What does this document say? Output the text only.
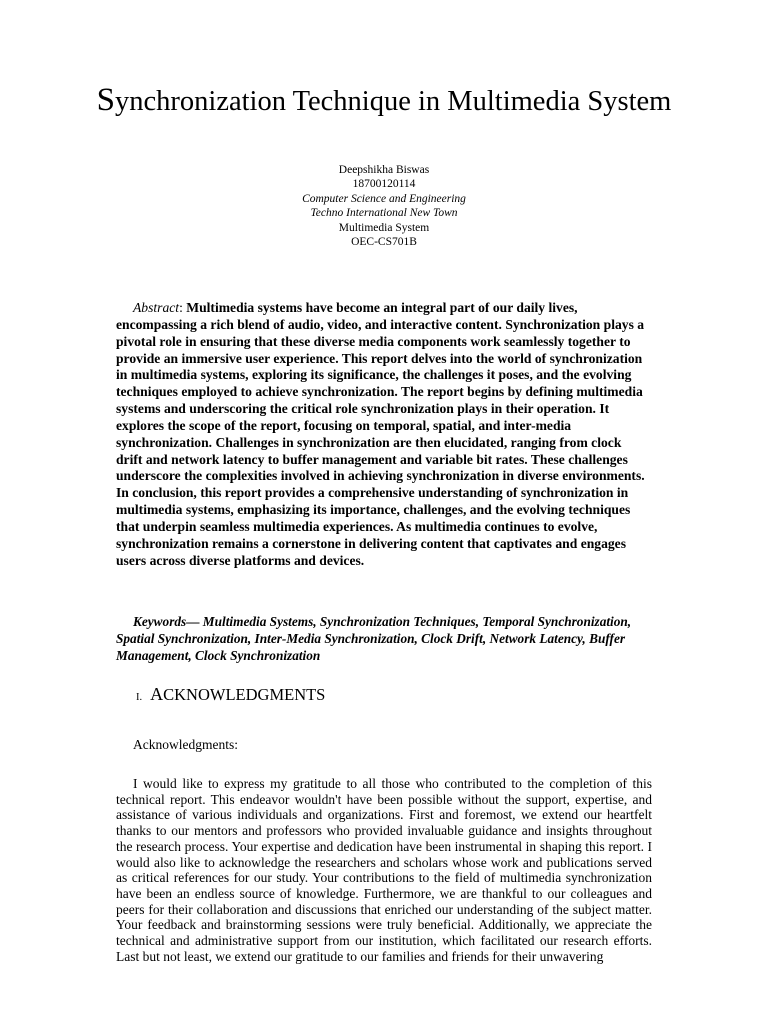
Synchronization Technique in Multimedia System
Deepshikha Biswas
18700120114
Computer Science and Engineering
Techno International New Town
Multimedia System
OEC-CS701B

Abstract: Multimedia systems have become an integral part of our daily lives, encompassing a rich blend of audio, video, and interactive content. Synchronization plays a pivotal role in ensuring that these diverse media components work seamlessly together to provide an immersive user experience. This report delves into the world of synchronization in multimedia systems, exploring its significance, the challenges it poses, and the evolving techniques employed to achieve synchronization. The report begins by defining multimedia systems and underscoring the critical role synchronization plays in their operation. It explores the scope of the report, focusing on temporal, spatial, and inter-media synchronization. Challenges in synchronization are then elucidated, ranging from clock drift and network latency to buffer management and variable bit rates. These challenges underscore the complexities involved in achieving synchronization in diverse environments. In conclusion, this report provides a comprehensive understanding of synchronization in multimedia systems, emphasizing its importance, challenges, and the evolving techniques that underpin seamless multimedia experiences. As multimedia continues to evolve, synchronization remains a cornerstone in delivering content that captivates and engages users across diverse platforms and devices.

Keywords— Multimedia Systems, Synchronization Techniques, Temporal Synchronization, Spatial Synchronization, Inter-Media Synchronization, Clock Drift, Network Latency, Buffer Management, Clock Synchronization

I. ACKNOWLEDGMENTS
Acknowledgments:

I would like to express my gratitude to all those who contributed to the completion of this technical report. This endeavor wouldn't have been possible without the support, expertise, and assistance of various individuals and organizations. First and foremost, we extend our heartfelt thanks to our mentors and professors who provided invaluable guidance and insights throughout the research process. Your expertise and dedication have been instrumental in shaping this report. I would also like to acknowledge the researchers and scholars whose work and publications served as critical references for our study. Your contributions to the field of multimedia synchronization have been an endless source of knowledge. Furthermore, we are thankful to our colleagues and peers for their collaboration and discussions that enriched our understanding of the subject matter. Your feedback and brainstorming sessions were truly beneficial. Additionally, we appreciate the technical and administrative support from our institution, which facilitated our research efforts. Last but not least, we extend our gratitude to our families and friends for their unwavering
